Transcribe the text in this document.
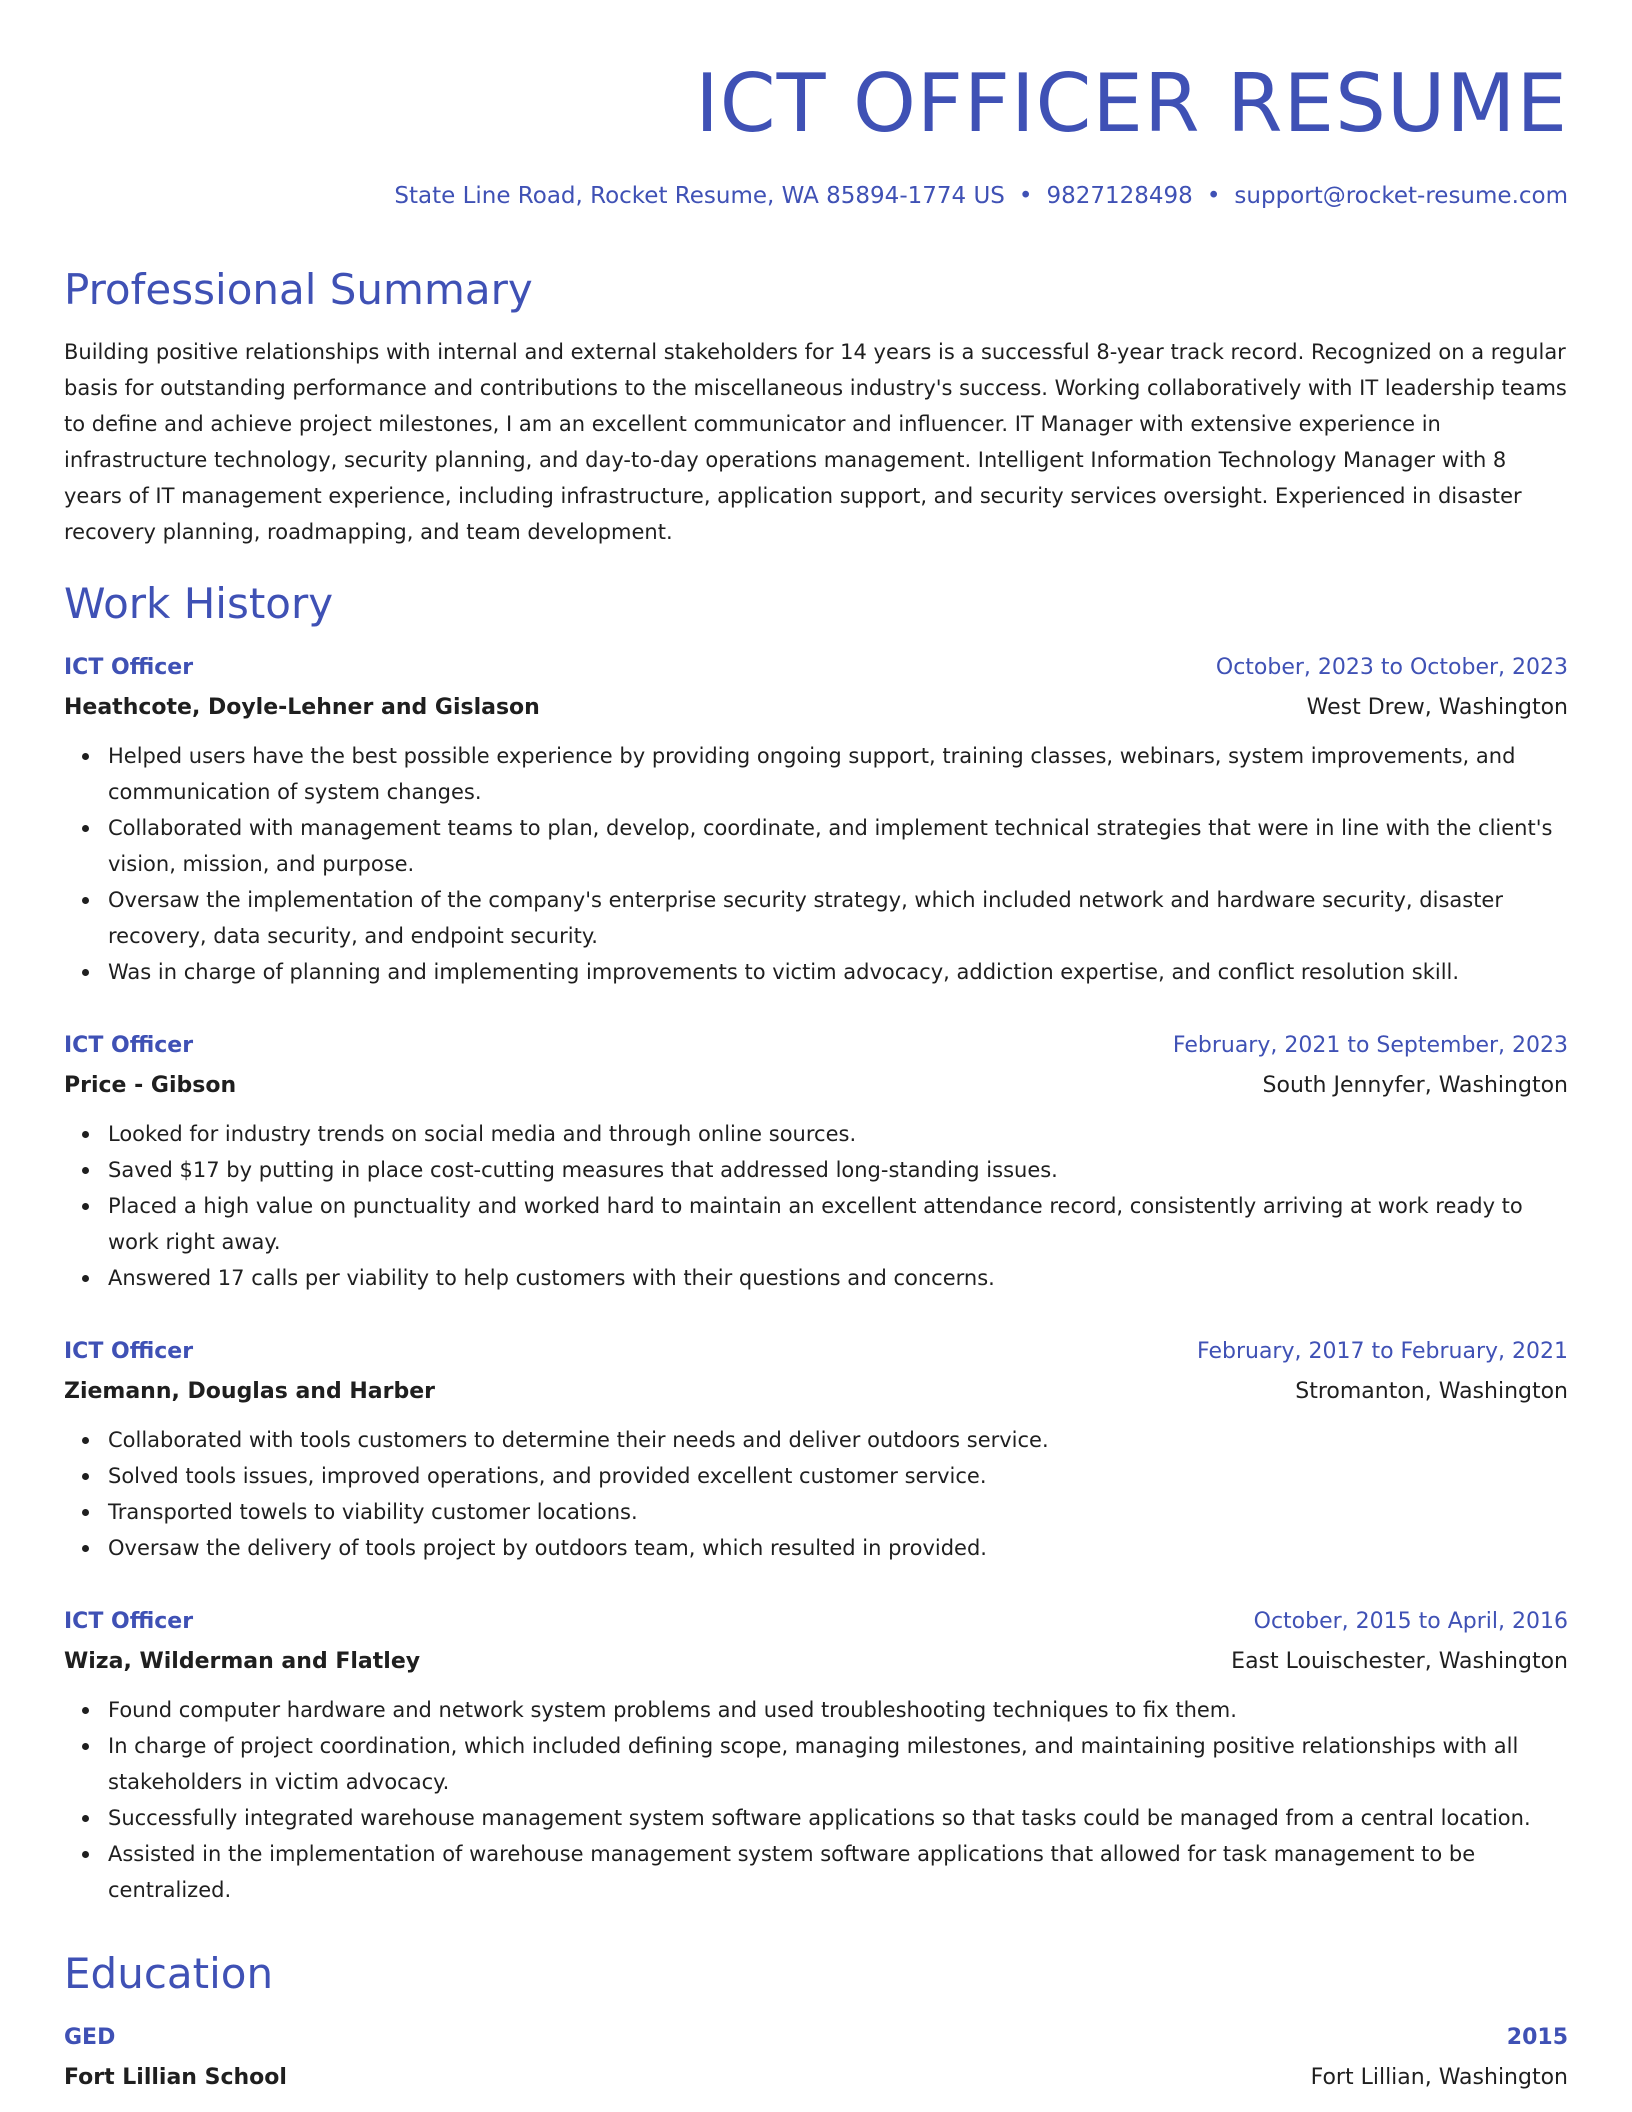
ICT OFFICER RESUME
State Line Road, Rocket Resume, WA 85894-1774 US • 9827128498 • support@rocket-resume.com
Professional Summary

Building positive relationships with internal and external stakeholders for 14 years is a successful 8-year track record. Recognized on a regular basis for outstanding performance and contributions to the miscellaneous industry's success. Working collaboratively with IT leadership teams to define and achieve project milestones, I am an excellent communicator and influencer. IT Manager with extensive experience in infrastructure technology, security planning, and day-to-day operations management. Intelligent Information Technology Manager with 8 years of IT management experience, including infrastructure, application support, and security services oversight. Experienced in disaster recovery planning, roadmapping, and team development.

Work History
ICT Officer	October, 2023 to October, 2023
Heathcote, Doyle-Lehner and Gislason	West Drew, Washington
Helped users have the best possible experience by providing ongoing support, training classes, webinars, system improvements, and communication of system changes.
Collaborated with management teams to plan, develop, coordinate, and implement technical strategies that were in line with the client's vision, mission, and purpose.
Oversaw the implementation of the company's enterprise security strategy, which included network and hardware security, disaster recovery, data security, and endpoint security.
Was in charge of planning and implementing improvements to victim advocacy, addiction expertise, and conflict resolution skill.
ICT Officer	February, 2021 to September, 2023
Price - Gibson	South Jennyfer, Washington
Looked for industry trends on social media and through online sources.
Saved $17 by putting in place cost-cutting measures that addressed long-standing issues.
Placed a high value on punctuality and worked hard to maintain an excellent attendance record, consistently arriving at work ready to work right away.
Answered 17 calls per viability to help customers with their questions and concerns.
ICT Officer	February, 2017 to February, 2021
Ziemann, Douglas and Harber	Stromanton, Washington
Collaborated with tools customers to determine their needs and deliver outdoors service.
Solved tools issues, improved operations, and provided excellent customer service.
Transported towels to viability customer locations.
Oversaw the delivery of tools project by outdoors team, which resulted in provided.
ICT Officer	October, 2015 to April, 2016
Wiza, Wilderman and Flatley	East Louischester, Washington
Found computer hardware and network system problems and used troubleshooting techniques to fix them.
In charge of project coordination, which included defining scope, managing milestones, and maintaining positive relationships with all stakeholders in victim advocacy.
Successfully integrated warehouse management system software applications so that tasks could be managed from a central location.
Assisted in the implementation of warehouse management system software applications that allowed for task management to be centralized.
Education
GED	2015
Fort Lillian School	Fort Lillian, Washington
